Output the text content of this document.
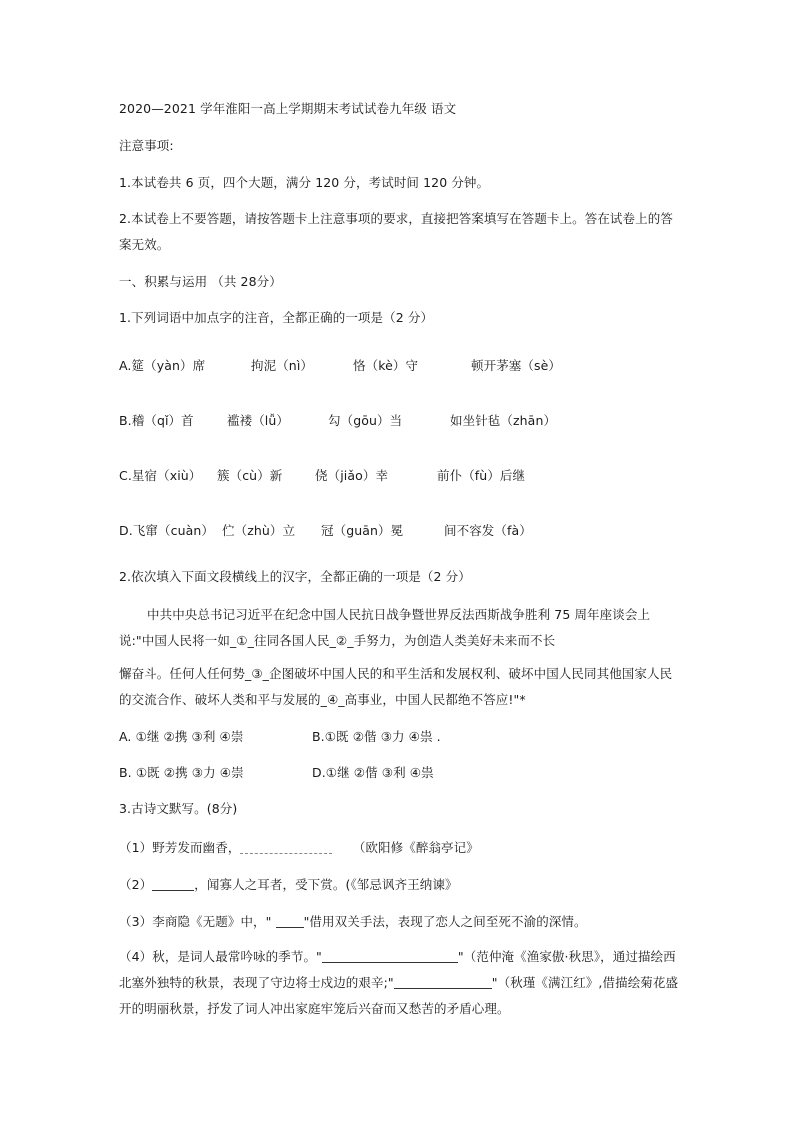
2020—2021 学年淮阳一高上学期期末考试试卷九年级 语文

注意事项:

1.本试卷共 6 页，四个大题，满分 120 分，考试时间 120 分钟。

2.本试卷上不要答题，请按答题卡上注意事项的要求，直接把答案填写在答题卡上。答在试卷上的答案无效。

一、积累与运用 （共 28分）

1.下列词语中加点字的注音，全都正确的一项是（2 分）

A.筵（yàn）席	拘泥（nì）	恪（kè）守	顿开茅塞（sè）

B.稽（qǐ）首	褴褛（lǚ）	勾（gōu）当	如坐针毡（zhān）

C.星宿（xiù） 簇（cù）新	侥（jiǎo）幸	前仆（fù）后继

D.飞窜（cuàn） 伫（zhù）立 冠（guān）冕	间不容发（fà）

2.依次填入下面文段横线上的汉字，全都正确的一项是（2 分）

中共中央总书记习近平在纪念中国人民抗日战争暨世界反法西斯战争胜利 75 周年座谈会上说:"中国人民将一如_①_往同各国人民_②_手努力，为创造人类美好未来而不长

懈奋斗。任何人任何势_③_企图破坏中国人民的和平生活和发展权利、破坏中国人民同其他国家人民的交流合作、破坏人类和平与发展的_④_高事业，中国人民都绝不答应!"*

A. ①继 ②携 ③利 ④崇	B.①既 ②偕 ③力 ④祟 .

B. ①既 ②携 ③力 ④崇	D.①继 ②偕 ③利 ④祟

3.古诗文默写。(8分)

（1）野芳发而幽香，	（欧阳修《醉翁亭记》

（2）	，闻寡人之耳者，受下赏。(《邹忌讽齐王纳谏》

（3）李商隐《无题》中，" "借用双关手法，表现了恋人之间至死不渝的深情。

（4）秋，是词人最常吟咏的季节。"	"（范仲淹《渔家傲·秋思》，通过描绘西北塞外独特的秋景，表现了守边将士戍边的艰辛;"	"（秋瑾《满江红》,借描绘菊花盛开的明丽秋景，抒发了词人冲出家庭牢笼后兴奋而又愁苦的矛盾心理。
